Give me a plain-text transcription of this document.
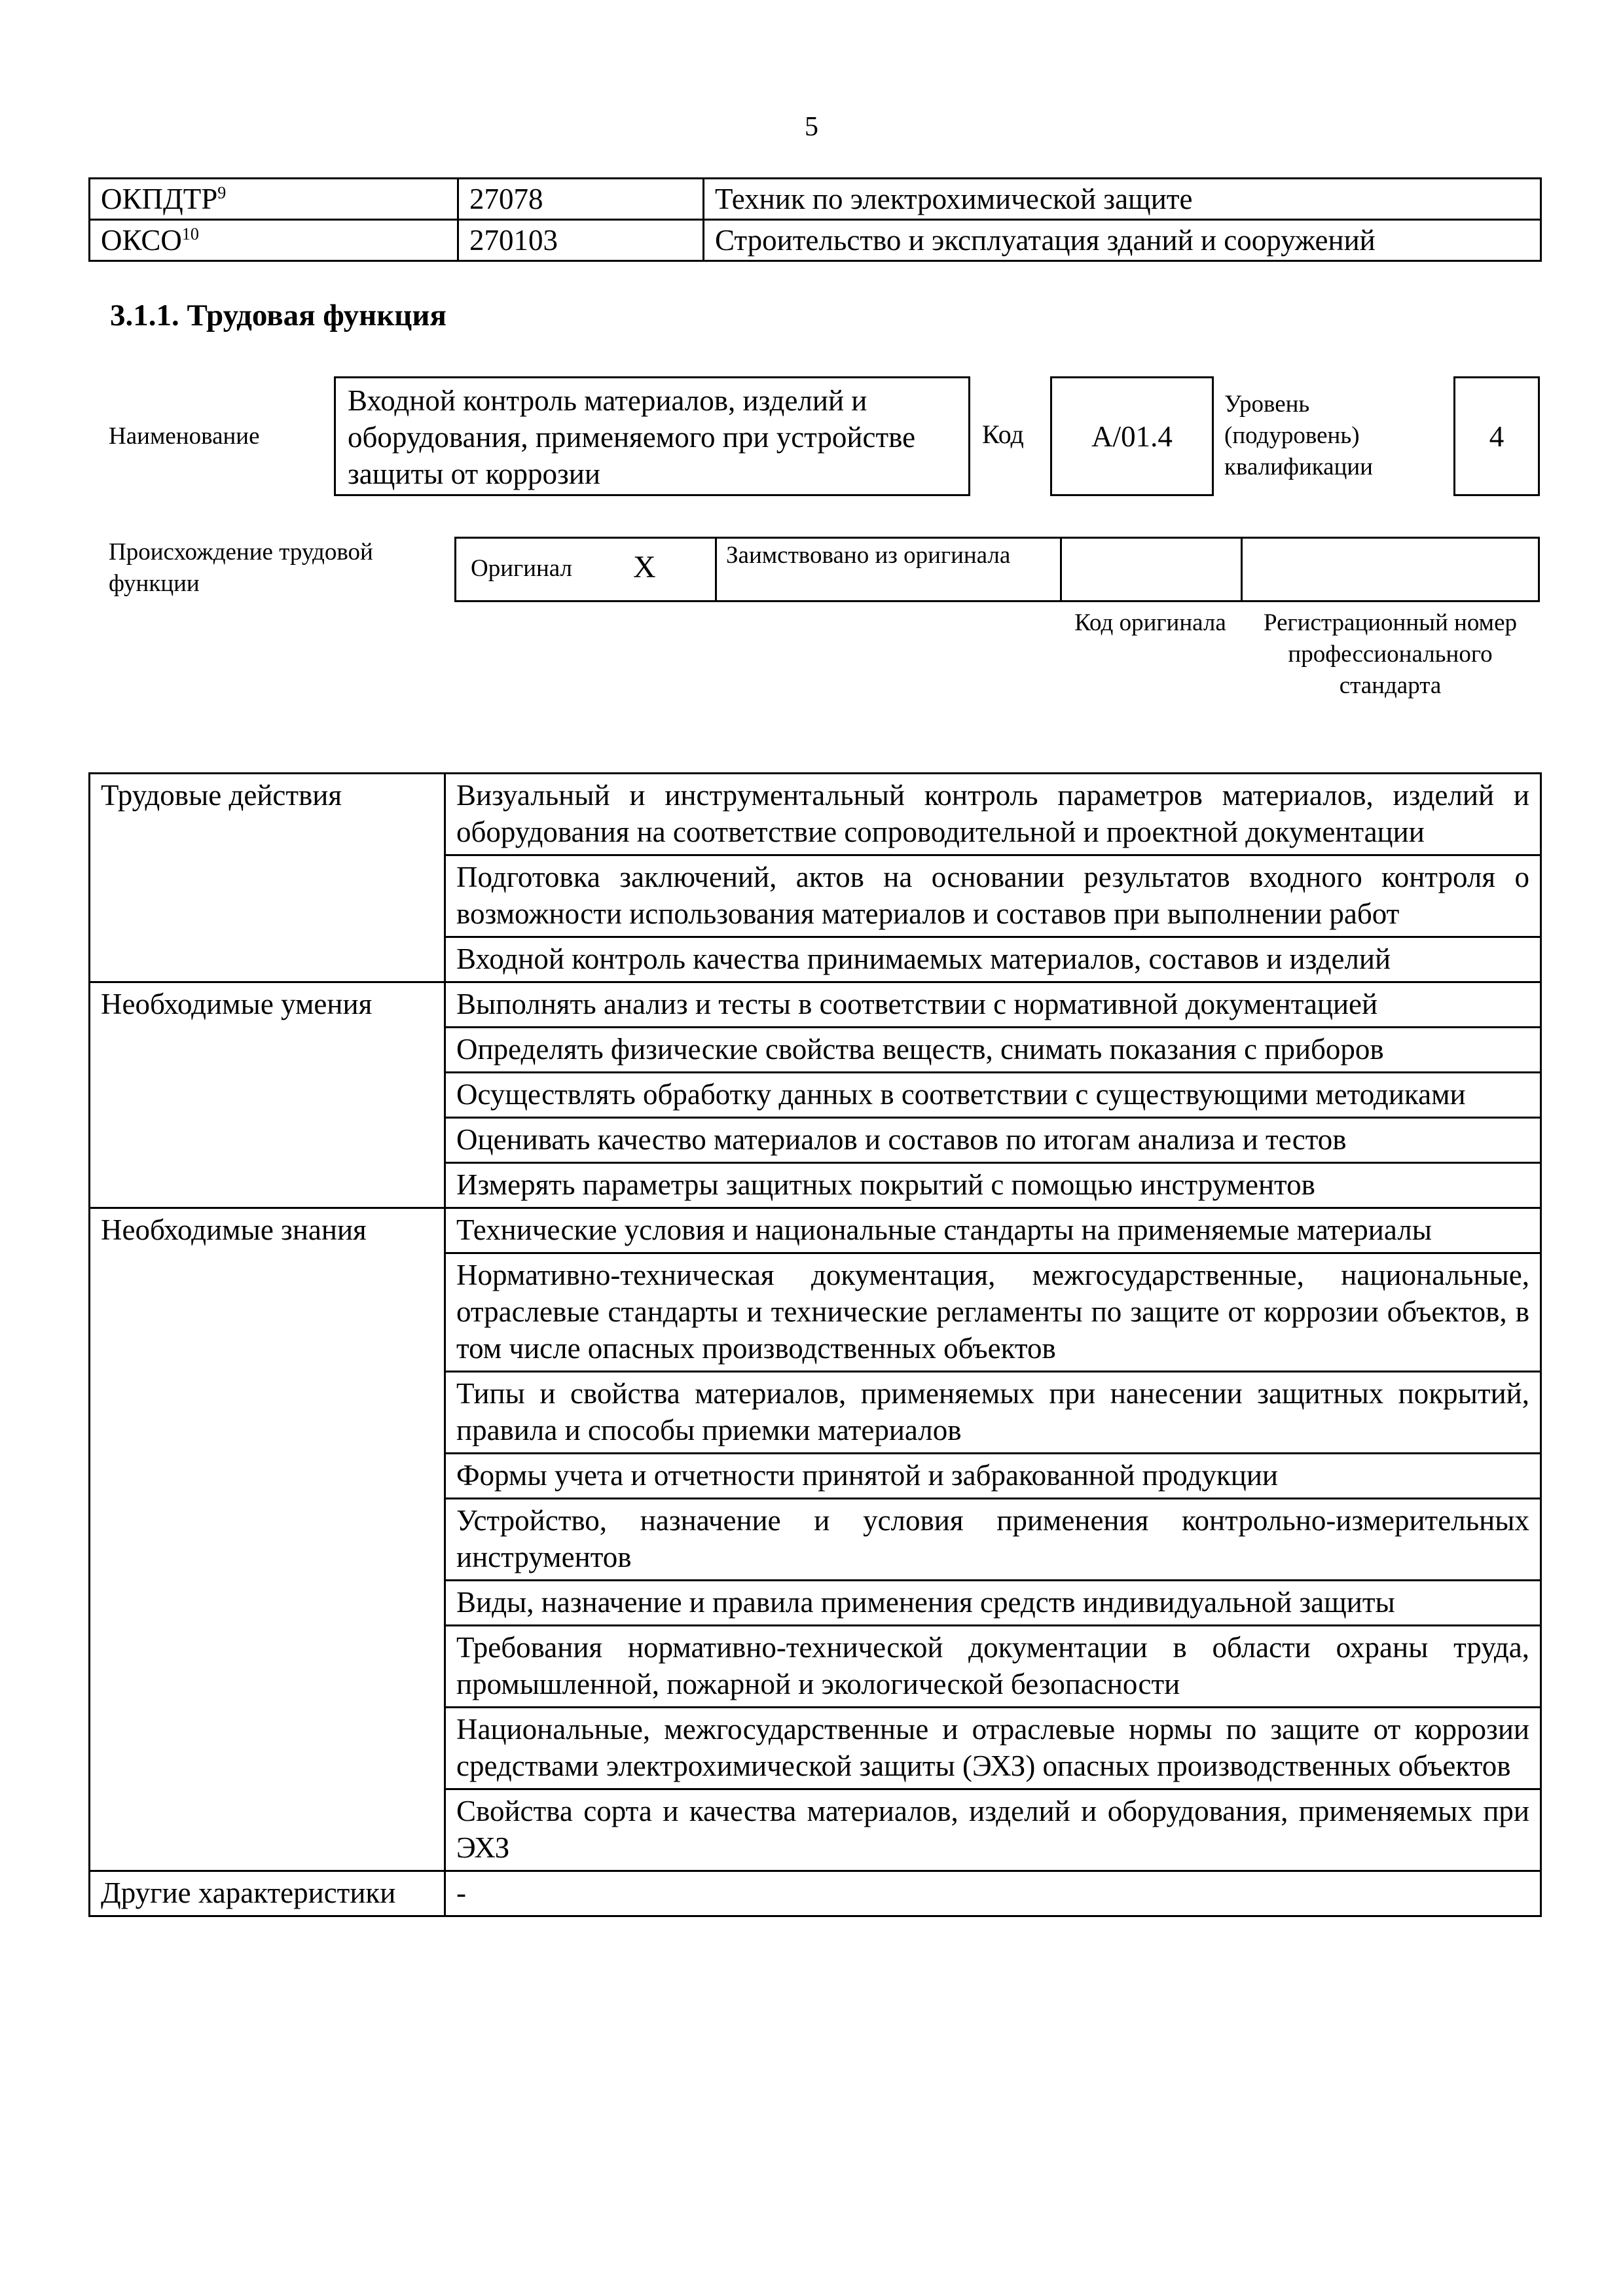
5
ОКПДТР$^9$	27078	Техник по электрохимической защите
ОКСО$^{10}$	270103	Строительство и эксплуатация зданий и сооружений
3.1.1. Трудовая функция
Наименование
Входной контроль материалов, изделий и оборудования, применяемого при устройстве защиты от коррозии
Код	А/01.4
Уровень (подуровень) квалификации
4
Происхождение трудовой функции
Оригинал X	Заимствовано из оригинала
Код оригинала	Регистрационный номер профессионального стандарта
Трудовые действия	Визуальный и инструментальный контроль параметров материалов, изделий и оборудования на соответствие сопроводительной и проектной документации
	Подготовка заключений, актов на основании результатов входного контроля о возможности использования материалов и составов при выполнении работ
	Входной контроль качества принимаемых материалов, составов и изделий
Необходимые умения	Выполнять анализ и тесты в соответствии с нормативной документацией
	Определять физические свойства веществ, снимать показания с приборов
	Осуществлять обработку данных в соответствии с существующими методиками
	Оценивать качество материалов и составов по итогам анализа и тестов
	Измерять параметры защитных покрытий с помощью инструментов
Необходимые знания	Технические условия и национальные стандарты на применяемые материалы
	Нормативно-техническая документация, межгосударственные, национальные, отраслевые стандарты и технические регламенты по защите от коррозии объектов, в том числе опасных производственных объектов
	Типы и свойства материалов, применяемых при нанесении защитных покрытий, правила и способы приемки материалов
	Формы учета и отчетности принятой и забракованной продукции
	Устройство, назначение и условия применения контрольно-измерительных инструментов
	Виды, назначение и правила применения средств индивидуальной защиты
	Требования нормативно-технической документации в области охраны труда, промышленной, пожарной и экологической безопасности
	Национальные, межгосударственные и отраслевые нормы по защите от коррозии средствами электрохимической защиты (ЭХЗ) опасных производственных объектов
	Свойства сорта и качества материалов, изделий и оборудования, применяемых при ЭХЗ
Другие характеристики	-
